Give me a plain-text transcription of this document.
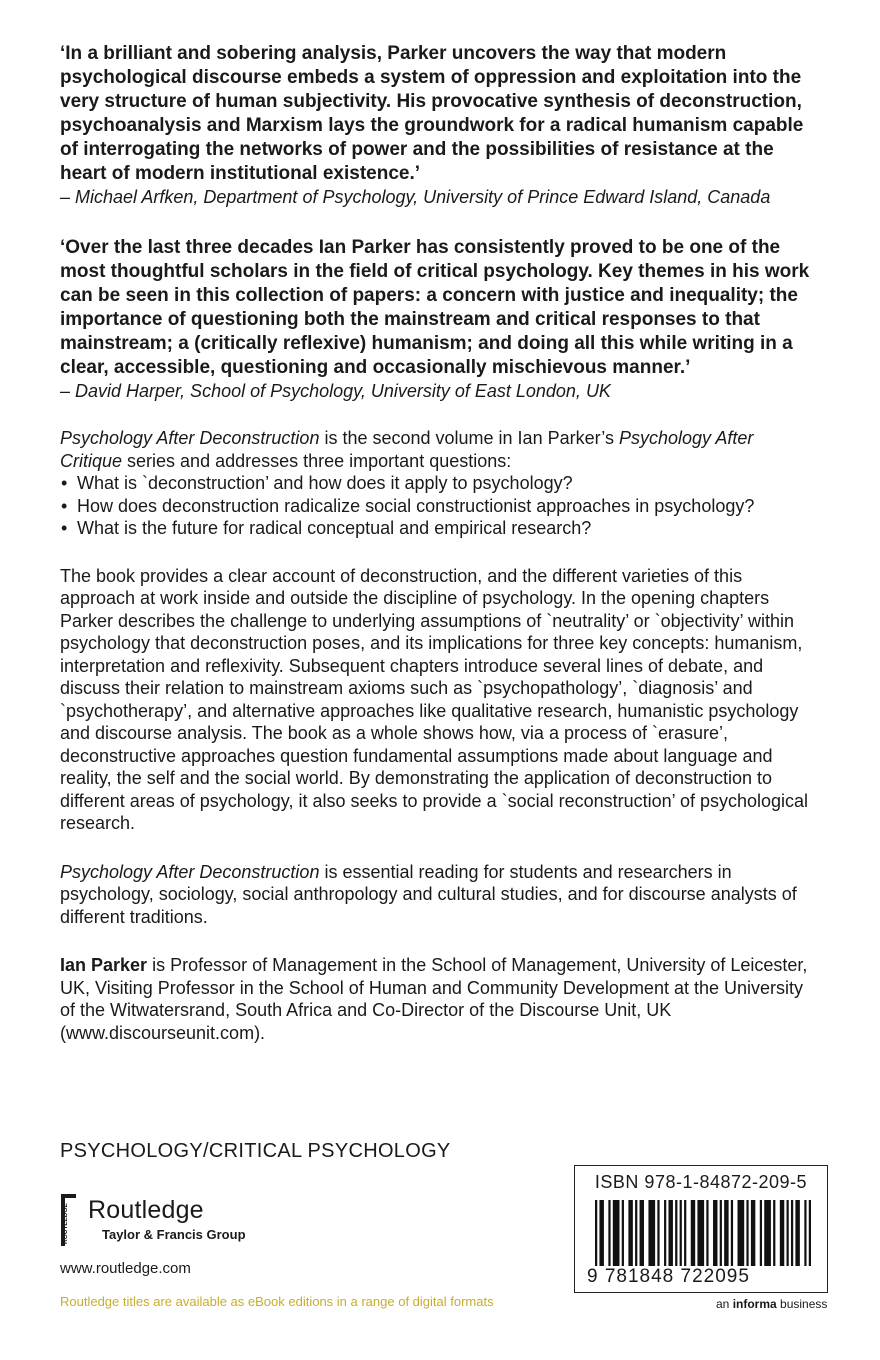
‘In a brilliant and sobering analysis, Parker uncovers the way that modern psychological discourse embeds a system of oppression and exploitation into the very structure of human subjectivity. His provocative synthesis of deconstruction, psychoanalysis and Marxism lays the groundwork for a radical humanism capable of interrogating the networks of power and the possibilities of resistance at the heart of modern institutional existence.’

– Michael Arfken, Department of Psychology, University of Prince Edward Island, Canada

‘Over the last three decades Ian Parker has consistently proved to be one of the most thoughtful scholars in the field of critical psychology. Key themes in his work can be seen in this collection of papers: a concern with justice and inequality; the importance of questioning both the mainstream and critical responses to that mainstream; a (critically reflexive) humanism; and doing all this while writing in a clear, accessible, questioning and occasionally mischievous manner.’

– David Harper, School of Psychology, University of East London, UK

Psychology After Deconstruction is the second volume in Ian Parker’s Psychology After Critique series and addresses three important questions:

• What is `deconstruction’ and how does it apply to psychology?
• How does deconstruction radicalize social constructionist approaches in psychology?
• What is the future for radical conceptual and empirical research?

The book provides a clear account of deconstruction, and the different varieties of this approach at work inside and outside the discipline of psychology. In the opening chapters Parker describes the challenge to underlying assumptions of `neutrality’ or `objectivity’ within psychology that deconstruction poses, and its implications for three key concepts: humanism, interpretation and reflexivity. Subsequent chapters introduce several lines of debate, and discuss their relation to mainstream axioms such as `psychopathology’, `diagnosis’ and `psychotherapy’, and alternative approaches like qualitative research, humanistic psychology and discourse analysis. The book as a whole shows how, via a process of `erasure’, deconstructive approaches question fundamental assumptions made about language and reality, the self and the social world. By demonstrating the application of deconstruction to different areas of psychology, it also seeks to provide a `social reconstruction’ of psychological research.

Psychology After Deconstruction is essential reading for students and researchers in psychology, sociology, social anthropology and cultural studies, and for discourse analysts of different traditions.

Ian Parker is Professor of Management in the School of Management, University of Leicester, UK, Visiting Professor in the School of Human and Community Development at the University of the Witwatersrand, South Africa and Co-Director of the Discourse Unit, UK (www.discourseunit.com).

PSYCHOLOGY/CRITICAL PSYCHOLOGY
ROUTLEDGE Routledge
Taylor & Francis Group
www.routledge.com
Routledge titles are available as eBook editions in a range of digital formats
ISBN 978-1-84872-209-5
9 781848 722095
an informa business
